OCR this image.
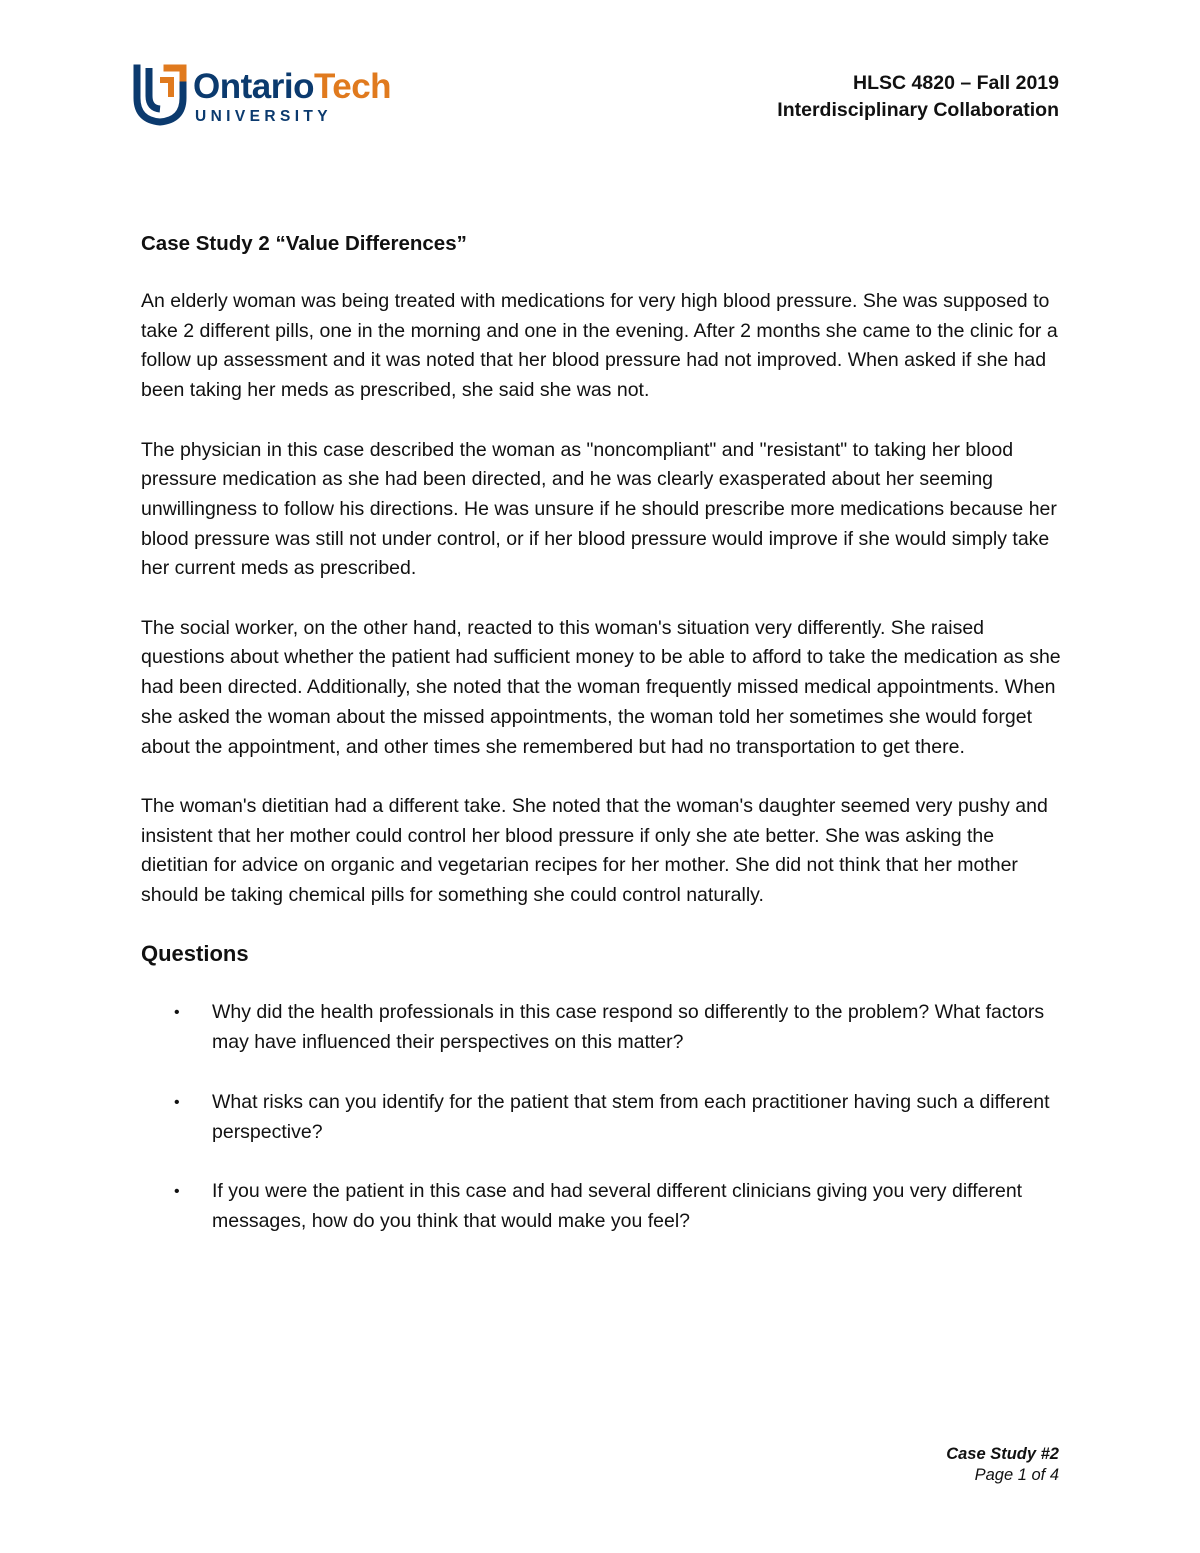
OntarioTech
UNIVERSITY
HLSC 4820 – Fall 2019
Interdisciplinary Collaboration
Case Study 2 “Value Differences”

An elderly woman was being treated with medications for very high blood pressure. She was supposed to take 2 different pills, one in the morning and one in the evening. After 2 months she came to the clinic for a follow up assessment and it was noted that her blood pressure had not improved. When asked if she had been taking her meds as prescribed, she said she was not.

The physician in this case described the woman as "noncompliant" and "resistant" to taking her blood pressure medication as she had been directed, and he was clearly exasperated about her seeming unwillingness to follow his directions. He was unsure if he should prescribe more medications because her blood pressure was still not under control, or if her blood pressure would improve if she would simply take her current meds as prescribed.

The social worker, on the other hand, reacted to this woman's situation very differently. She raised questions about whether the patient had sufficient money to be able to afford to take the medication as she had been directed. Additionally, she noted that the woman frequently missed medical appointments. When she asked the woman about the missed appointments, the woman told her sometimes she would forget about the appointment, and other times she remembered but had no transportation to get there.

The woman's dietitian had a different take. She noted that the woman's daughter seemed very pushy and insistent that her mother could control her blood pressure if only she ate better. She was asking the dietitian for advice on organic and vegetarian recipes for her mother. She did not think that her mother should be taking chemical pills for something she could control naturally.

Questions
• Why did the health professionals in this case respond so differently to the problem? What factors may have influenced their perspectives on this matter?
• What risks can you identify for the patient that stem from each practitioner having such a different perspective?
• If you were the patient in this case and had several different clinicians giving you very different messages, how do you think that would make you feel?
Case Study #2
Page 1 of 4
